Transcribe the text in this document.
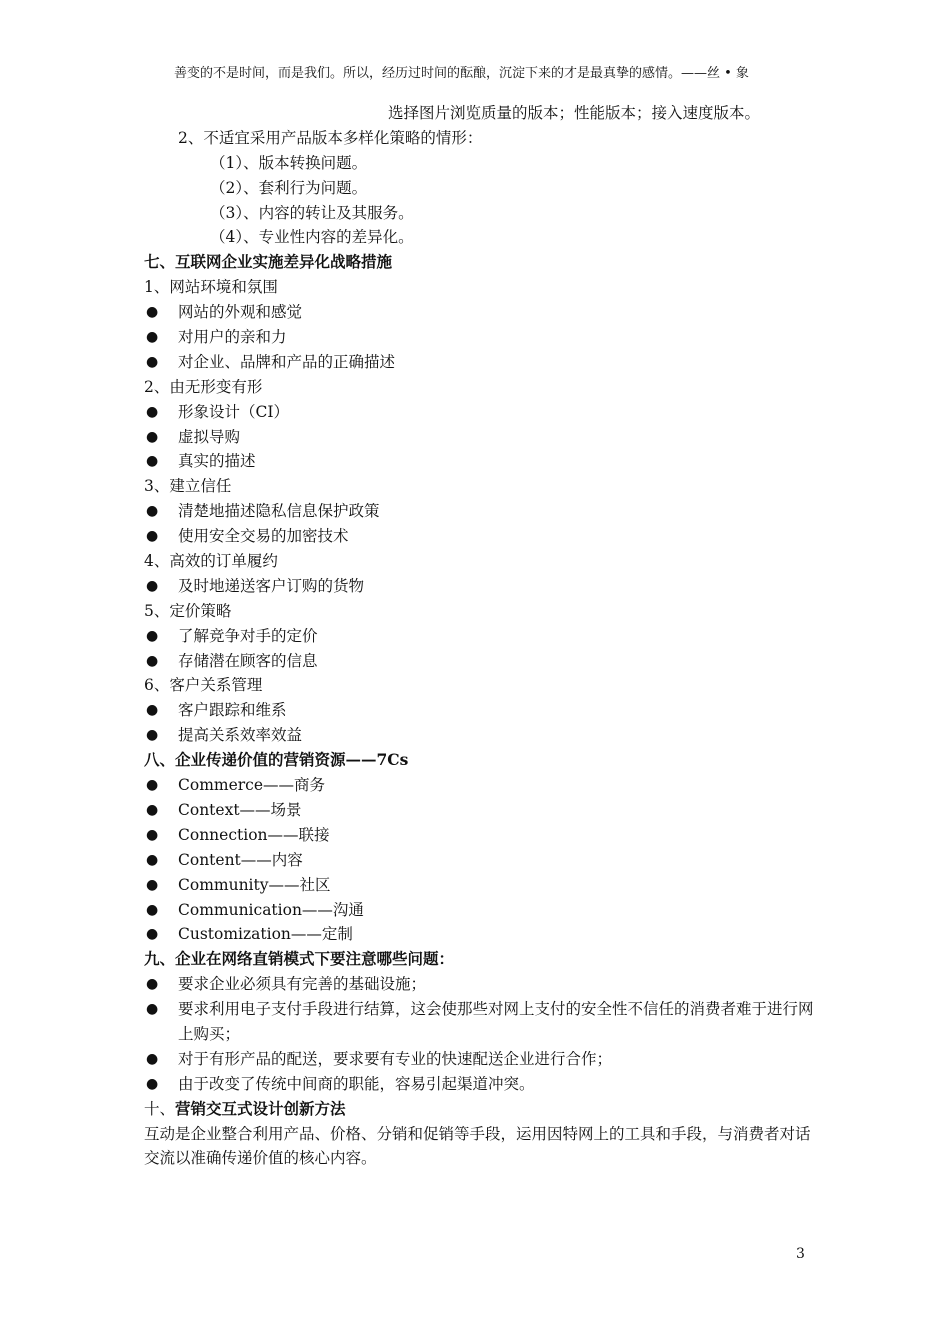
善变的不是时间，而是我们。所以，经历过时间的酝酿，沉淀下来的才是最真挚的感情。——丝 • 象
选择图片浏览质量的版本；性能版本；接入速度版本。
2、不适宜采用产品版本多样化策略的情形：
（1）、版本转换问题。
（2）、套利行为问题。
（3）、内容的转让及其服务。
（4）、专业性内容的差异化。
七、互联网企业实施差异化战略措施
1、网站环境和氛围
● 网站的外观和感觉
● 对用户的亲和力
● 对企业、品牌和产品的正确描述
2、由无形变有形
● 形象设计（CI）
● 虚拟导购
● 真实的描述
3、建立信任
● 清楚地描述隐私信息保护政策
● 使用安全交易的加密技术
4、高效的订单履约
● 及时地递送客户订购的货物
5、定价策略
● 了解竞争对手的定价
● 存储潜在顾客的信息
6、客户关系管理
● 客户跟踪和维系
● 提高关系效率效益
八、企业传递价值的营销资源——7Cs
● Commerce——商务
● Context——场景
● Connection——联接
● Content——内容
● Community——社区
● Communication——沟通
● Customization——定制
九、企业在网络直销模式下要注意哪些问题：
● 要求企业必须具有完善的基础设施；
● 要求利用电子支付手段进行结算，这会使那些对网上支付的安全性不信任的消费者难于进行网上购买；
● 对于有形产品的配送，要求要有专业的快速配送企业进行合作；
● 由于改变了传统中间商的职能，容易引起渠道冲突。
十、营销交互式设计创新方法
互动是企业整合利用产品、价格、分销和促销等手段，运用因特网上的工具和手段，与消费者对话交流以准确传递价值的核心内容。
3
